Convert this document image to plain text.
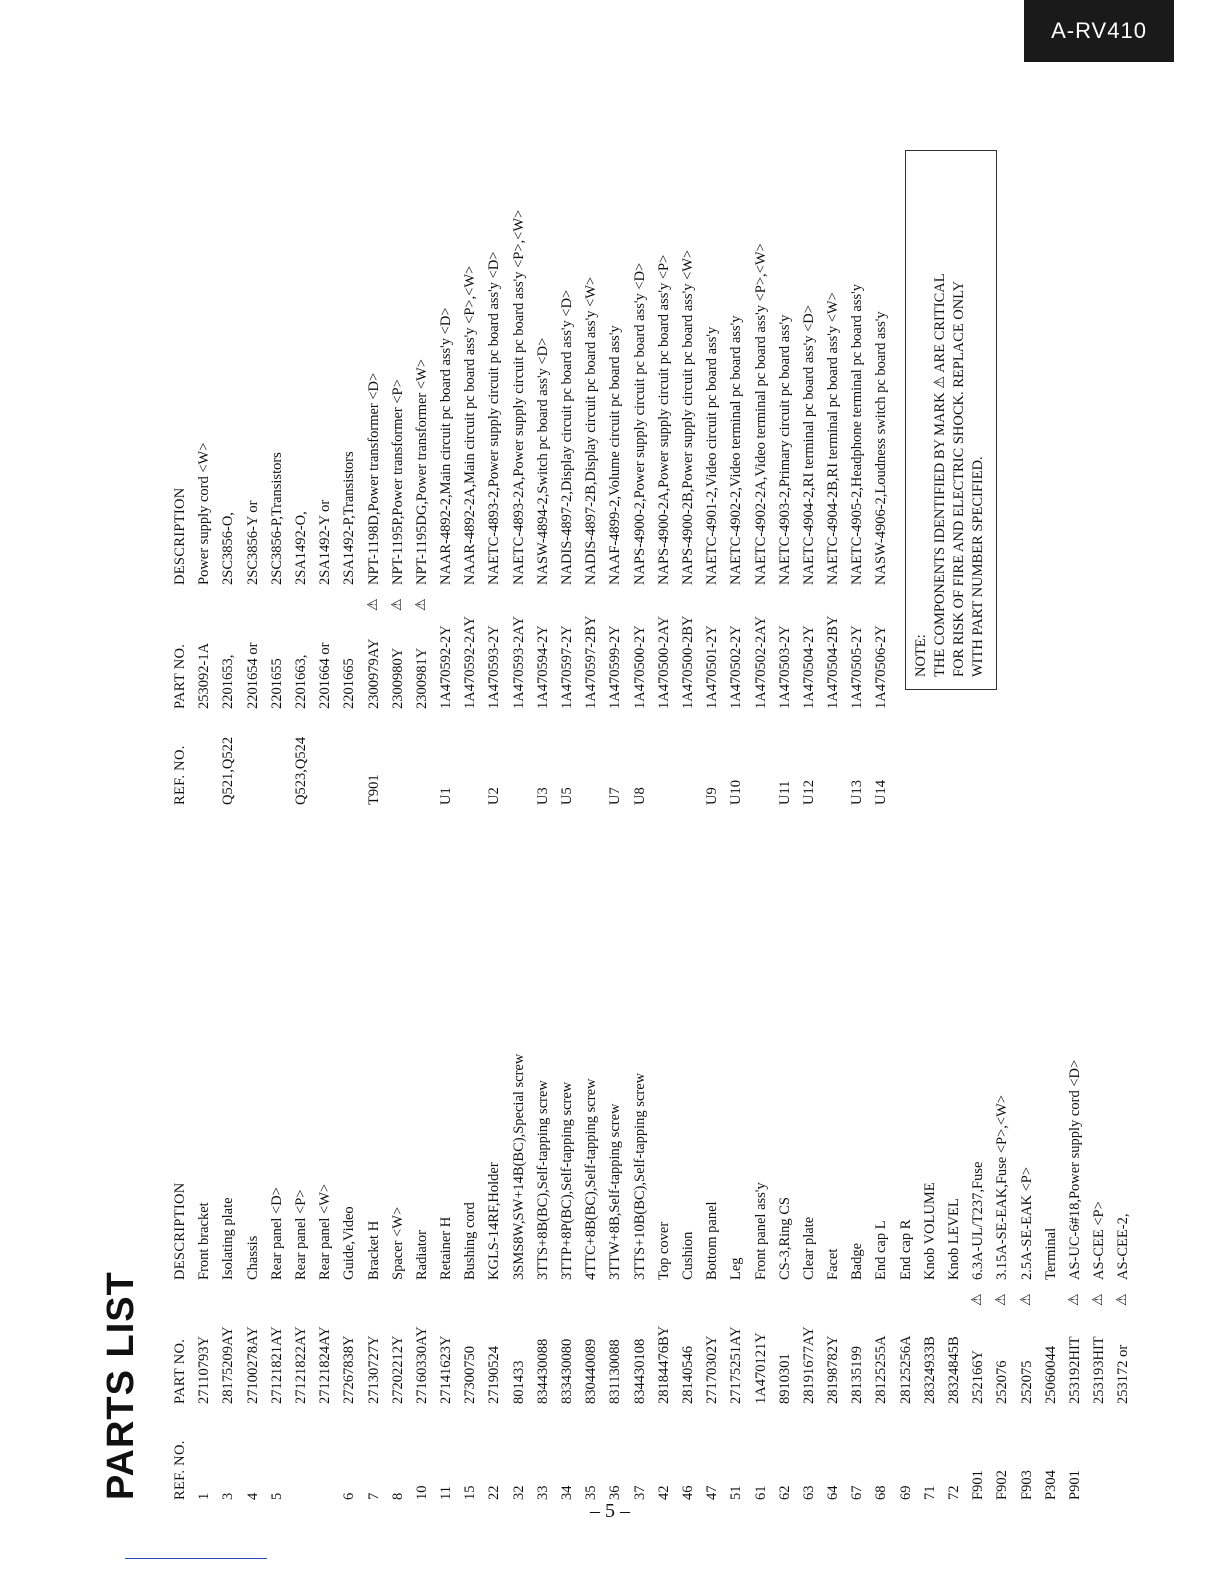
A-RV410
PARTS LIST REF. NO.
PART NO.
DESCRIPTION
1
27110793Y
Front bracket
3
28175209AY
Isolating plate
4
27100278AY
Chassis
5
27121821AY
Rear panel <D>
27121822AY
Rear panel <P>
27121824AY
Rear panel <W>
6
27267838Y
Guide,Video
7
27130727Y
Bracket H
8
27202212Y
Spacer <W>
10
27160330AY
Radiator
11
27141623Y
Retainer H
15
27300750
Bushing cord
22
27190524
KGLS-14RF,Holder
32
801433
3SMS8W,SW+14B(BC),Special screw
33
834430088
3TTS+8B(BC),Self-tapping screw
34
833430080
3TTP+8P(BC),Self-tapping screw
35
830440089
4TTC+8B(BC),Self-tapping screw
36
831130088
3TTW+8B,Self-tapping screw
37
834430108
3TTS+10B(BC),Self-tapping screw
42
28184476BY
Top cover
46
28140546
Cushion
47
27170302Y
Bottom panel
51
27175251AY
Leg
61
1A470121Y
Front panel ass'y
62
8910301
CS-3,Ring CS
63
28191677AY
Clear plate
64
28198782Y
Facet
67
28135199
Badge
68
28125255A
End cap L
69
28125256A
End cap R
71
28324933B
Knob VOLUME
72
28324845B
Knob LEVEL
F901
252166Y
⚠
6.3A-UL/T237,Fuse
F902
252076
⚠
3.15A-SE-EAK,Fuse <P>,<W>
F903
252075
⚠
2.5A-SE-EAK <P>
P304
25060044
Terminal
P901
253192HIT
⚠
AS-UC-6#18,Power supply cord <D>
253193HIT
⚠
AS-CEE <P>
253172 or
⚠
AS-CEE-2,
REF. NO.
PART NO.
DESCRIPTION
253092-1A
Power supply cord <W>
Q521,Q522
2201653,
2SC3856-O,
2201654 or
2SC3856-Y or
2201655
2SC3856-P,Transistors
Q523,Q524
2201663,
2SA1492-O,
2201664 or
2SA1492-Y or
2201665
2SA1492-P,Transistors
T901
2300979AY
⚠
NPT-1198D,Power transformer <D>
2300980Y
⚠
NPT-1195P,Power transformer <P>
2300981Y
⚠
NPT-1195DG,Power transformer <W>
U1
1A470592-2Y
NAAR-4892-2,Main circuit pc board ass'y <D>
1A470592-2AY
NAAR-4892-2A,Main circuit pc board ass'y <P>,<W>
U2
1A470593-2Y
NAETC-4893-2,Power supply circuit pc board ass'y <D>
1A470593-2AY
NAETC-4893-2A,Power supply circuit pc board ass'y <P>,<W>
U3
1A470594-2Y
NASW-4894-2,Switch pc board ass'y <D>
U5
1A470597-2Y
NADIS-4897-2,Display circuit pc board ass'y <D>
1A470597-2BY
NADIS-4897-2B,Display circuit pc board ass'y <W>
U7
1A470599-2Y
NAAF-4899-2,Volume circuit pc board ass'y
U8
1A470500-2Y
NAPS-4900-2,Power supply circuit pc board ass'y <D>
1A470500-2AY
NAPS-4900-2A,Power supply circuit pc board ass'y <P>
1A470500-2BY
NAPS-4900-2B,Power supply circuit pc board ass'y <W>
U9
1A470501-2Y
NAETC-4901-2,Video circuit pc board ass'y
U10
1A470502-2Y
NAETC-4902-2,Video terminal pc board ass'y
1A470502-2AY
NAETC-4902-2A,Video terminal pc board ass'y <P>,<W>
U11
1A470503-2Y
NAETC-4903-2,Primary circuit pc board ass'y
U12
1A470504-2Y
NAETC-4904-2,RI terminal pc board ass'y <D>
1A470504-2BY
NAETC-4904-2B,RI terminal pc board ass'y <W>
U13
1A470505-2Y
NAETC-4905-2,Headphone terminal pc board ass'y
U14
1A470506-2Y
NASW-4906-2,Loudness switch pc board ass'y
NOTE: THE COMPONENTS IDENTIFIED BY MARK ⚠ ARE CRITICAL FOR RISK OF FIRE AND ELECTRIC SHOCK. REPLACE ONLY WITH PART NUMBER SPECIFIED.
– 5 –
